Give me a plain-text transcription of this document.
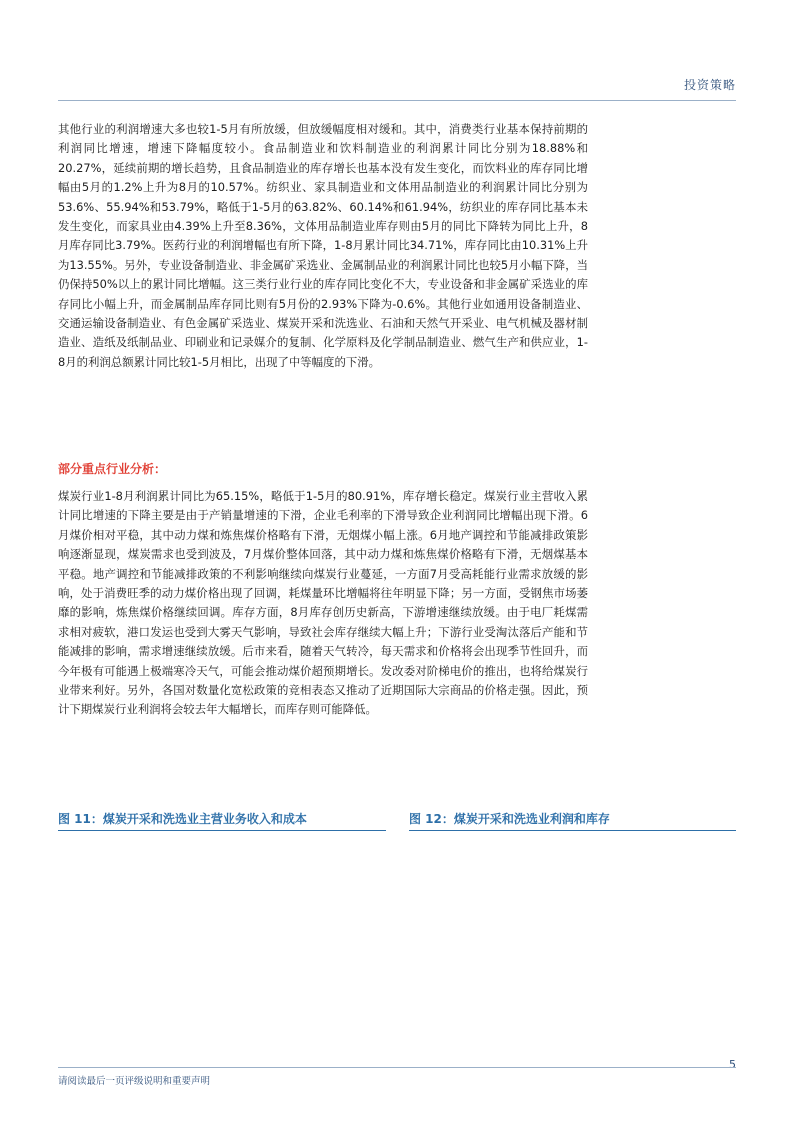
投资策略

其他行业的利润增速大多也较1-5月有所放缓，但放缓幅度相对缓和。其中，消费类行业基本保持前期的利润同比增速，增速下降幅度较小。食品制造业和饮料制造业的利润累计同比分别为18.88%和20.27%，延续前期的增长趋势，且食品制造业的库存增长也基本没有发生变化，而饮料业的库存同比增幅由5月的1.2%上升为8月的10.57%。纺织业、家具制造业和文体用品制造业的利润累计同比分别为53.6%、55.94%和53.79%，略低于1-5月的63.82%、60.14%和61.94%，纺织业的库存同比基本未发生变化，而家具业由4.39%上升至8.36%，文体用品制造业库存则由5月的同比下降转为同比上升，8月库存同比3.79%。医药行业的利润增幅也有所下降，1-8月累计同比34.71%，库存同比由10.31%上升为13.55%。另外，专业设备制造业、非金属矿采选业、金属制品业的利润累计同比也较5月小幅下降，当仍保持50%以上的累计同比增幅。这三类行业行业的库存同比变化不大，专业设备和非金属矿采选业的库存同比小幅上升，而金属制品库存同比则有5月份的2.93%下降为-0.6%。其他行业如通用设备制造业、交通运输设备制造业、有色金属矿采选业、煤炭开采和洗选业、石油和天然气开采业、电气机械及器材制造业、造纸及纸制品业、印刷业和记录媒介的复制、化学原料及化学制品制造业、燃气生产和供应业，1-8月的利润总额累计同比较1-5月相比，出现了中等幅度的下滑。

部分重点行业分析：

煤炭行业1-8月利润累计同比为65.15%，略低于1-5月的80.91%，库存增长稳定。煤炭行业主营收入累计同比增速的下降主要是由于产销量增速的下滑，企业毛利率的下滑导致企业利润同比增幅出现下滑。6月煤价相对平稳，其中动力煤和炼焦煤价格略有下滑，无烟煤小幅上涨。6月地产调控和节能减排政策影响逐渐显现，煤炭需求也受到波及，7月煤价整体回落，其中动力煤和炼焦煤价格略有下滑，无烟煤基本平稳。地产调控和节能减排政策的不利影响继续向煤炭行业蔓延，一方面7月受高耗能行业需求放缓的影响，处于消费旺季的动力煤价格出现了回调，耗煤量环比增幅将往年明显下降；另一方面，受钢焦市场萎靡的影响，炼焦煤价格继续回调。库存方面，8月库存创历史新高，下游增速继续放缓。由于电厂耗煤需求相对疲软，港口发运也受到大雾天气影响，导致社会库存继续大幅上升；下游行业受淘汰落后产能和节能减排的影响，需求增速继续放缓。后市来看，随着天气转冷，每天需求和价格将会出现季节性回升，而今年极有可能遇上极端寒冷天气，可能会推动煤价超预期增长。发改委对阶梯电价的推出，也将给煤炭行业带来利好。另外，各国对数量化宽松政策的竞相表态又推动了近期国际大宗商品的价格走强。因此，预计下期煤炭行业利润将会较去年大幅增长，而库存则可能降低。

图 11：煤炭开采和洗选业主营业务收入和成本	图 12：煤炭开采和洗选业利润和库存
5
请阅读最后一页评级说明和重要声明
